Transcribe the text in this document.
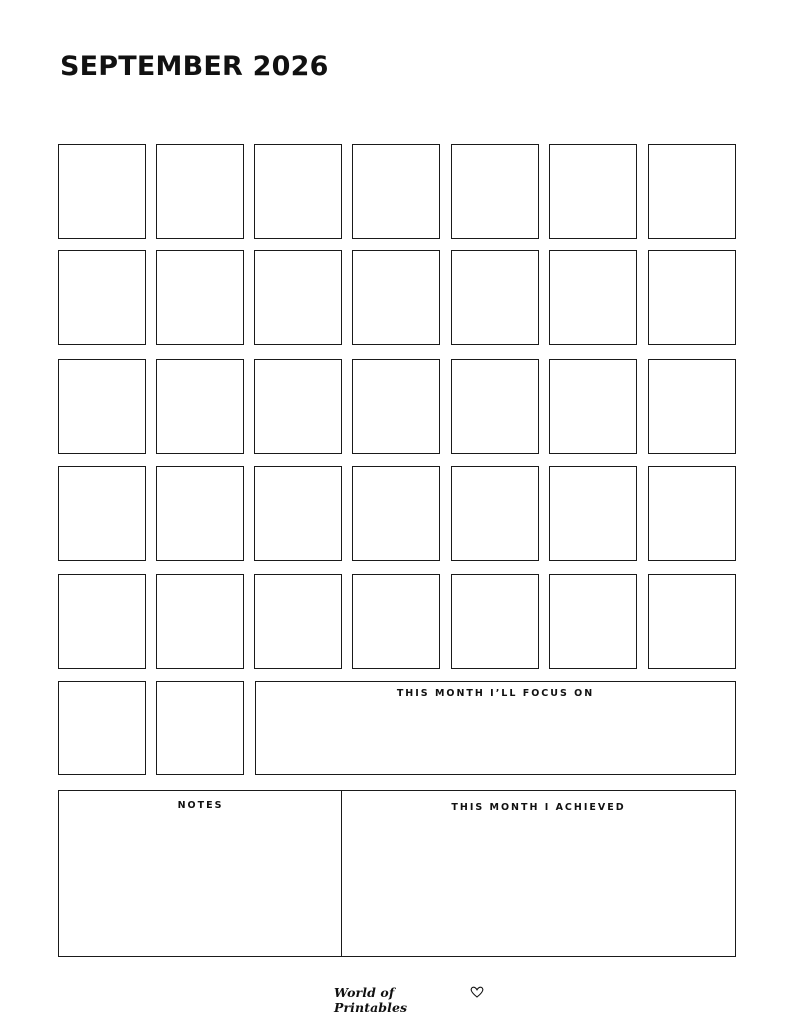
SEPTEMBER 2026
THIS MONTH I’LL FOCUS ON
NOTES	THIS MONTH I ACHIEVED
World of Printables
